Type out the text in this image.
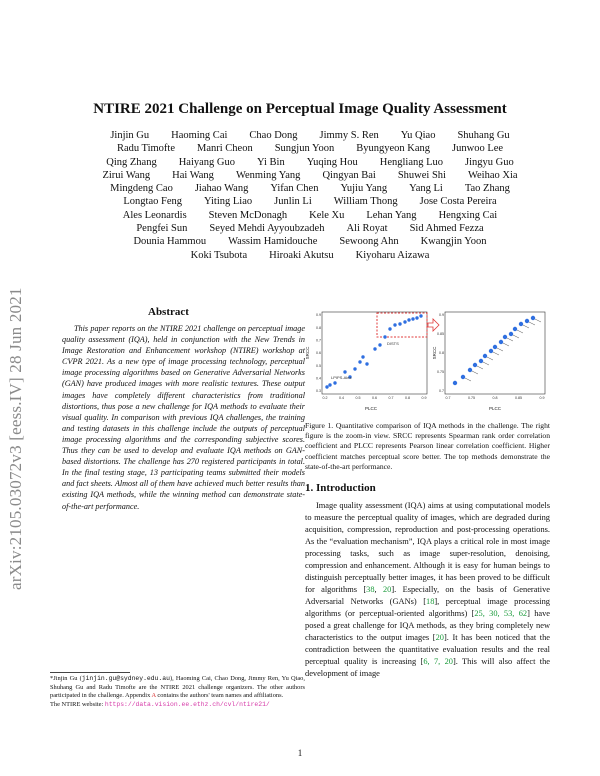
arXiv:2105.03072v3 [eess.IV] 28 Jun 2021
NTIRE 2021 Challenge on Perceptual Image Quality Assessment
Jinjin Gu Haoming Cai Chao Dong Jimmy S. Ren Yu Qiao Shuhang Gu
Radu Timofte Manri Cheon Sungjun Yoon Byungyeon Kang Junwoo Lee
Qing Zhang Haiyang Guo Yi Bin Yuqing Hou Hengliang Luo Jingyu Guo
Zirui Wang Hai Wang Wenming Yang Qingyan Bai Shuwei Shi Weihao Xia
Mingdeng Cao Jiahao Wang Yifan Chen Yujiu Yang Yang Li Tao Zhang
Longtao Feng Yiting Liao Junlin Li William Thong Jose Costa Pereira
Ales Leonardis Steven McDonagh Kele Xu Lehan Yang Hengxing Cai
Pengfei Sun Seyed Mehdi Ayyoubzadeh Ali Royat Sid Ahmed Fezza
Dounia Hammou Wassim Hamidouche Sewoong Ahn Kwangjin Yoon
Koki Tsubota Hiroaki Akutsu Kiyoharu Aizawa
Abstract
This paper reports on the NTIRE 2021 challenge on perceptual image quality assessment (IQA), held in conjunction with the New Trends in Image Restoration and Enhancement workshop (NTIRE) workshop at CVPR 2021. As a new type of image processing technology, perceptual image processing algorithms based on Generative Adversarial Networks (GAN) have produced images with more realistic textures. These output images have completely different characteristics from traditional distortions, thus pose a new challenge for IQA methods to evaluate their visual quality. In comparison with previous IQA challenges, the training and testing datasets in this challenge include the outputs of perceptual image processing algorithms and the corresponding subjective scores. Thus they can be used to develop and evaluate IQA methods on GAN-based distortions. The challenge has 270 registered participants in total. In the final testing stage, 13 participating teams submitted their models and fact sheets. Almost all of them have achieved much better results than existing IQA methods, while the winning method can demonstrate state-of-the-art performance.
*Jinjin Gu (jinjin.gu@sydney.edu.au), Haoming Cai, Chao Dong, Jimmy Ren, Yu Qiao, Shuhang Gu and Radu Timofte are the NTIRE 2021 challenge organizers. The other authors participated in the challenge. Appendix A contains the authors' team names and affiliations.
The NTIRE website: https://data.vision.ee.ethz.ch/cvl/ntire21/
LPIPS-Alex
DISTS
0.2	0.4	0.5	0.6	0.7	0.8	0.9
0.9
0.8
0.7
0.6
0.5
0.4
0.3
PLCC
SRCC
0.7	0.75	0.8	0.85	0.9
0.9
0.85
0.8
0.75
0.7
PLCC
SRCC
Figure 1. Quantitative comparison of IQA methods in the challenge. The right figure is the zoom-in view. SRCC represents Spearman rank order correlation coefficient and PLCC represents Pearson linear correlation coefficient. Higher coefficient matches perceptual score better. The top methods demonstrate the state-of-the-art performance.
1. Introduction
Image quality assessment (IQA) aims at using computational models to measure the perceptual quality of images, which are degraded during acquisition, compression, reproduction and post-processing operations. As the “evaluation mechanism”, IQA plays a critical role in most image processing tasks, such as image super-resolution, denoising, compression and enhancement. Although it is easy for human beings to distinguish perceptually better images, it has been proved to be difficult for algorithms [38, 20]. Especially, on the basis of Generative Adversarial Networks (GANs) [18], perceptual image processing algorithms (or perceptual-oriented algorithms) [25, 30, 53, 62] have posed a great challenge for IQA methods, as they bring completely new characteristics to the output images [20]. It has been noticed that the contradiction between the quantitative evaluation results and the real perceptual quality is increasing [6, 7, 20]. This will also affect the development of image
1
